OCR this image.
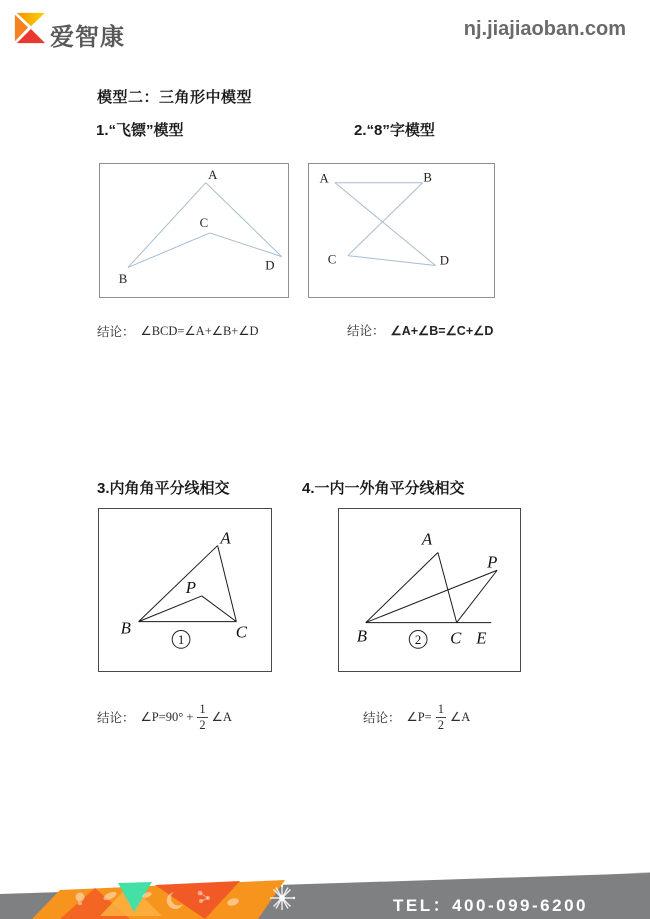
爱智康	nj.jiajiaoban.com
模型二：三角形中模型
1.“飞镖”模型	2.“8”字模型
A
B
C
D
A	B
C	D
结论： ∠BCD=∠A+∠B+∠D	结论： ∠A+∠B=∠C+∠D
3.内角角平分线相交	4.一内一外角平分线相交
A
B	C
P
1
A
B	C E
P
2
结论： ∠P=90° + $\frac{1}{2}$ ∠A	结论： ∠P= $\frac{1}{2}$ ∠A
TEL：400-099-6200
